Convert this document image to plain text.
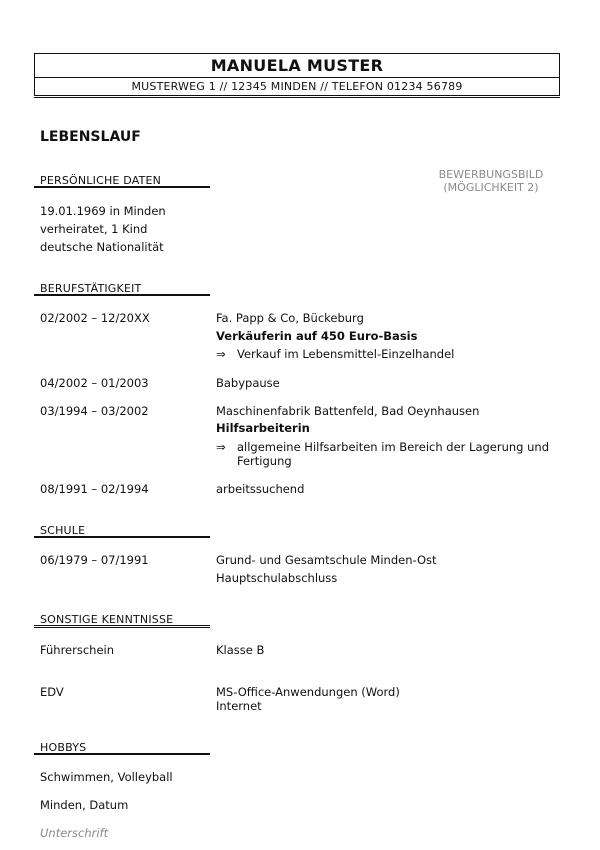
MANUELA MUSTER
MUSTERWEG 1 // 12345 MINDEN // TELEFON 01234 56789
LEBENSLAUF
BEWERBUNGSBILD
(MÖGLICHKEIT 2)
PERSÖNLICHE DATEN
19.01.1969 in Minden
verheiratet, 1 Kind
deutsche Nationalität
BERUFSTÄTIGKEIT
02/2002 – 12/20XX	Fa. Papp & Co, Bückeburg
Verkäuferin auf 450 Euro-Basis
⇒ Verkauf im Lebensmittel-Einzelhandel
04/2002 – 01/2003	Babypause
03/1994 – 03/2002	Maschinenfabrik Battenfeld, Bad Oeynhausen
Hilfsarbeiterin
⇒ allgemeine Hilfsarbeiten im Bereich der Lagerung und Fertigung
08/1991 – 02/1994	arbeitssuchend
SCHULE
06/1979 – 07/1991	Grund- und Gesamtschule Minden-Ost
Hauptschulabschluss
SONSTIGE KENNTNISSE
Führerschein	Klasse B
EDV	MS-Office-Anwendungen (Word)
Internet
HOBBYS
Schwimmen, Volleyball
Minden, Datum
Unterschrift
